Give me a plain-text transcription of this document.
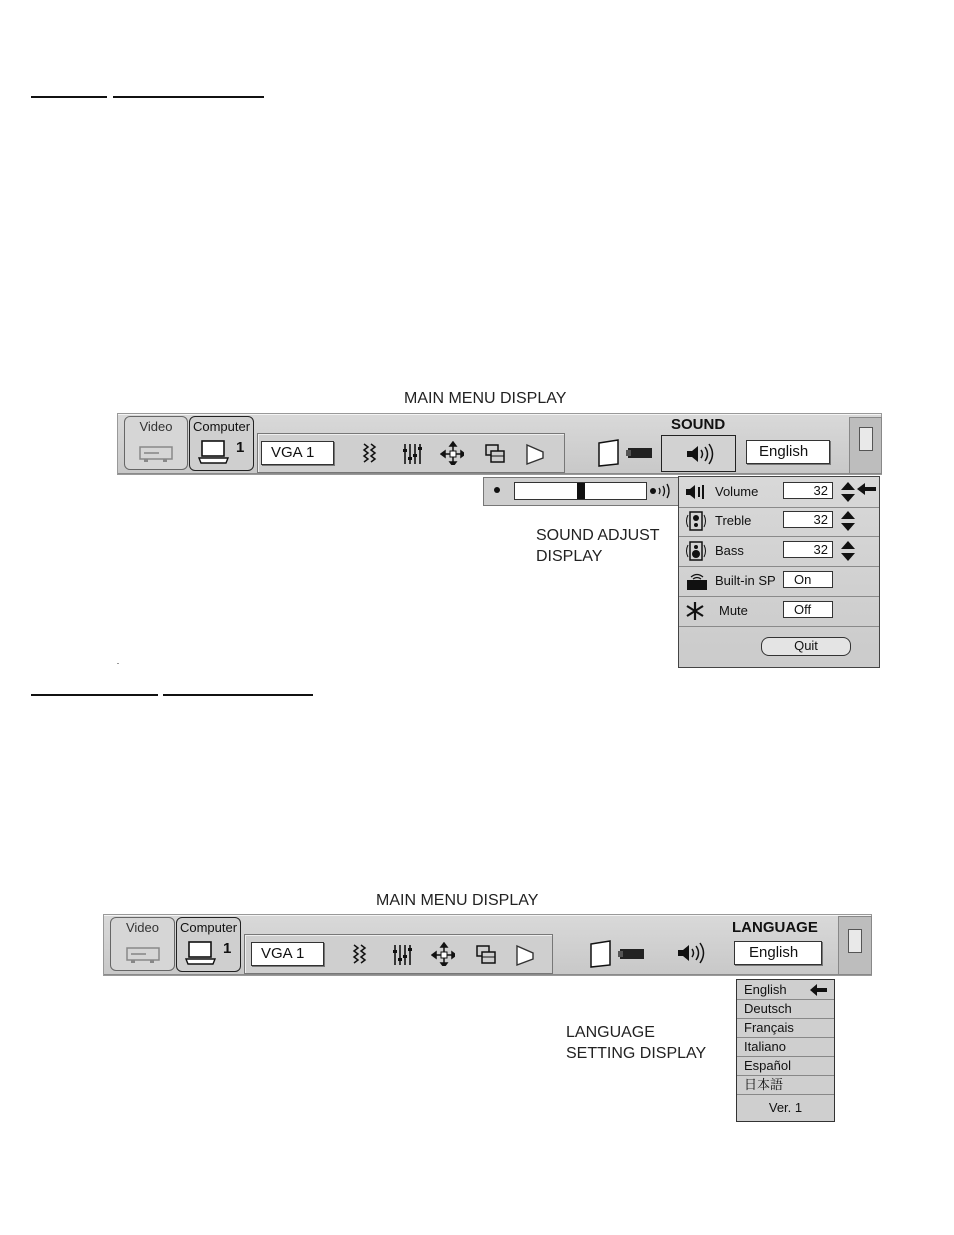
MAIN MENU DISPLAY
Video	Computer
1	VGA 1
SOUND
English
SOUND ADJUST
DISPLAY
Volume	32
Treble	32
Bass	32
Built-in SP	On
Mute	Off
Quit
MAIN MENU DISPLAY
Video	Computer
1	VGA 1
LANGUAGE
English
LANGUAGE
SETTING DISPLAY
English
Deutsch
Français
Italiano
Español
日本語
Ver. 1
